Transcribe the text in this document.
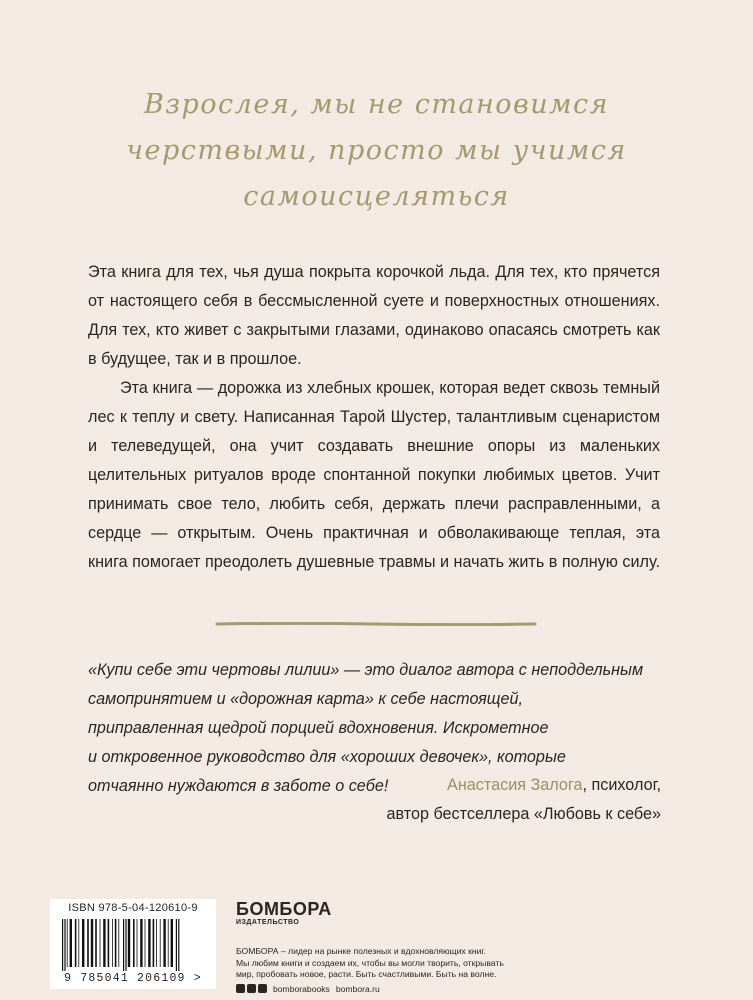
Взрослея, мы не становимся
черствыми, просто мы учимся
самоисцеляться

Эта книга для тех, чья душа покрыта корочкой льда. Для тех, кто прячется от настоящего себя в бессмысленной суете и поверхностных отношениях. Для тех, кто живет с закрытыми глазами, одинаково опасаясь смотреть как в будущее, так и в прошлое.

Эта книга — дорожка из хлебных крошек, которая ведет сквозь темный лес к теплу и свету. Написанная Тарой Шустер, талантливым сценаристом и телеведущей, она учит создавать внешние опоры из маленьких целительных ритуалов вроде спонтанной покупки любимых цветов. Учит принимать свое тело, любить себя, держать плечи расправленными, а сердце — открытым. Очень практичная и обволакивающе теплая, эта книга помогает преодолеть душевные травмы и начать жить в полную силу.

«Купи себе эти чертовы лилии» — это диалог автора с неподдельным
самопринятием и «дорожная карта» к себе настоящей,
приправленная щедрой порцией вдохновения. Искрометное
и откровенное руководство для «хороших девочек», которые
отчаянно нуждаются в заботе о себе!	Анастасия Залога, психолог,
автор бестселлера «Любовь к себе»
ISBN 978-5-04-120610-9
9 785041 206109 >
БОМБОРА
ИЗДАТЕЛЬСТВО
БОМБОРА – лидер на рынке полезных и вдохновляющих книг.
Мы любим книги и создаем их, чтобы вы могли творить, открывать
мир, пробовать новое, расти. Быть счастливыми. Быть на волне.
bomborabooks bombora.ru
